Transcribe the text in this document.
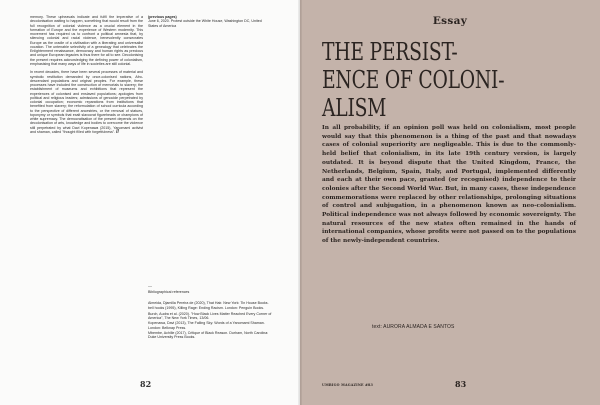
memory. These upheavals indicate and fulfil the imperative of a decolonisation waiting to happen, something that would result from the full recognition of colonial violence as a crucial element in the formation of Europe and the experience of Western modernity. This movement has required us to confront a political amnesia that, by silencing colonial and racial violence, benevolently consecrates Europe as the cradle of a civilisation with a liberating and universalist vocation. The untenable selectivity of a genealogy that celebrates the Enlightenment renaissance, democracy and human rights as precious and unique European legacies is thus there for all to see. Decolonising the present requires acknowledging the defining power of colonialism, emphasising that many ways of life in societies are still colonial.

In recent decades, there have been several processes of material and symbolic restitution demanded by once-colonised nations, Afro-descendant populations and original peoples. For example, these processes have included the construction of memorials to slavery; the establishment of museums and exhibitions that represent the experiences of colonised and enslaved populations; apologies from political and religious leaders; admissions of genocide perpetrated by colonial occupation; economic reparations from institutions that benefited from slavery; the reformulation of school curricula according to the perspective of different ancestries, or the removal of statues, toponymy or symbols that exalt slavocrat figureheads or champions of white supremacy. The democratisation of the present depends on the decolonisation of arts, knowledge and bodies to overcome the violence still perpetrated by what Davi Kopenawa (2015), Yanomami activist and shaman, called "thought filled with forgetfulness". //

(previous pages)
June 6, 2020. Protest outside the White House, Washington DC, United States of America
—
Bibliographical references

Almeida, Djamilla Pereira de (2020), That Hair. New York: Tin House Books.

bell hooks (1995), Killing Rage: Ending Racism. London: Penguin Books.

Burch, Audra et al. (2020). "How Black Lives Matter Reached Every Corner of America", The New York Times, 13/06.

Kopenawa, Davi (2013), The Falling Sky: Words of a Yanomami Shaman. London: Belknap Press.

Mbembe, Achille (2017), Critique of Black Reason. Durham, North Carolina: Duke University Press Books.

82
Essay
THE PERSIST-
ENCE OF COLONI-
ALISM

In all probability, if an opinion poll was held on colonialism, most people would say that this phenomenon is a thing of the past and that nowadays cases of colonial superiority are negligeable. This is due to the commonly-held belief that colonialism, in its late 19th century version, is largely outdated. It is beyond dispute that the United Kingdom, France, the Netherlands, Belgium, Spain, Italy, and Portugal, implemented differently and each at their own pace, granted (or recognised) independence to their colonies after the Second World War. But, in many cases, these independence commemorations were replaced by other relationships, prolonging situations of control and subjugation, in a phenomenon known as neo-colonialism. Political independence was not always followed by economic sovereignty. The natural resources of the new states often remained in the hands of international companies, whose profits were not passed on to the populations of the newly-independent countries.

text: AURORA ALMADA E SANTOS
UMBIGO MAGAZINE #83	83
